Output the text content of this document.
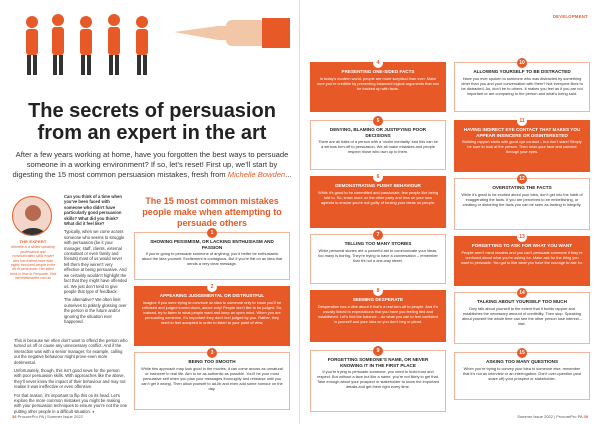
The secrets of persuasion from an expert in the art
After a few years working at home, have you forgotten the best ways to persuade someone in a working environment? If so, let’s reset! First up, we’ll start by digesting the 15 most common persuasion mistakes, fresh from Michelle Bowden...
THE EXPERT
Michelle is a skilled speaking professional and communication skills expert who has trained more than eighty thousand people in the art of persuasion. Her latest book is How to Persuade. Visit michellebowden.com.au

Can you think of a time when you’ve been faced with someone who didn’t have particularly good persuasion skills? What did you think? What did it feel like?

Typically, when we come across someone who seems to struggle with persuasion (be it your manager, staff, clients, external consultant or even family and friends) most of us would never tell them they weren’t very effective at being persuasive. And we certainly wouldn’t highlight the fact that they might have offended us. We just don’t tend to give people that type of feedback.

The alternative? We often limit ourselves to politely glossing over the person in the future and/or ignoring the situation ever happened.

This is because we often don’t want to offend the person who turned us off or cause any unnecessary conflict. And if the interaction was with a senior manager, for example, calling out the negative behaviour might prove even more detrimental.

Unfortunately, though, this isn’t good news for the person with poor persuasion skills. With approaches like the above, they’ll never know the impact of their behaviour and may not realise it was ineffective or even offensive.

For that reason, it’s important to flip this on its head. Let’s explore the more common mistakes you might be making with your persuasion techniques to ensure you’re not the one putting other people in a difficult situation. ●

The 15 most common mistakes people make when attempting to persuade others
1
SHOWING PESSIMISM, OR LACKING ENTHUSIASM AND PASSION

If you’re going to persuade someone of anything, you’d better be enthusiastic about the idea yourself. Excitement is contagious. But if you’re flat on an idea that sends a very clear message.

2
APPEARING JUDGEMENTAL OR DISTRUSTFUL

Imagine if you were trying to convince an idea to someone only to know you’ll be criticised and judged turned down, above only! People don’t like to be judged. So, instead, try to listen to what people want and keep an open mind. When you are persuading someone, it’s important they don’t feel judged by you. Rather, they need to feel accepted in order to listen to your point of view.

3
BEING TOO SMOOTH

While this approach may look good in the movies, it can come across as unnatural or insincere in real life. Aim to be as authentic as possible. You’ll be your most persuasive self when you plan your messages thoroughly and rehearse until you can’t get it wrong. Then allow yourself to ad-lib and even add some humour on the day.

38 ProcurePro PA | Summer Issue 2022
DEVELOPMENT
4
PRESENTING ONE-SIDED FACTS

In today’s modern world, people are more sceptical than ever. Make sure you’re credible by presenting balanced logical arguments that can be backed up with facts.

5
DENYING, BLAMING OR JUSTIFYING POOR DECISIONS

There are all traits of a person with a ‘victim mentality’ and this can be a serious turn-off to persuasion. We all make mistakes and people respect those who own up to them.

6
DEMONSTRATING PUSHY BEHAVIOUR

While it’s good to be committed and passionate, few people like being told to. So, know more on the other party and less on your own agenda to ensure you’re not guilty of forcing your ideas on people.

7
TELLING TOO MANY STORIES

While personal stories are a powerful aid to communicate your ideas, too many is boring. They’re trying to have a conversation – remember that it’s not a one-way street.

8
SEEMING DESPERATE

Desperation has a vibe about it that’s a real turn-off to people. And it’s usually linked to expectations that you have you feeling tied and established. Let’s find the balance – do what you can to feel confident in yourself and your idea so you don’t beg or plead.

9
FORGETTING SOMEONE’S NAME, OR NEVER KNOWING IT IN THE FIRST PLACE

If you’re trying to persuade someone, you need to build trust and respect. But without a face but like a name, you’re not likely to get that. Take enough about your prospect or stakeholder to know the important details and get them right every time.

10
ALLOWING YOURSELF TO BE DISTRACTED

Have you ever spoken to someone who was distracted by something other than you and your conversation with them? Not everyone likes to be distracted. As, don’t be to others. It makes you feel as if you are not important or are comparing to the person and what’s being said.

11
HAVING INDIRECT EYE CONTACT THAT MAKES YOU APPEAR INSINCERE OR DISINTERESTED

Building rapport starts with good eye contact – but don’t stare! Simply be sure to look at the person. Then relax your face and connect through your eyes.

12
OVERSTATING THE FACTS

While it’s great to be excited about your idea, don’t get into the habit of exaggerating the facts. If you are perceived to be embellishing, or creating or distorting the facts you can be seen as lacking in integrity.

13
FORGETTING TO ASK FOR WHAT YOU WANT

People aren’t mind readers and you can’t persuade someone if they’re confused about what you’re asking for. Make ask for the thing you want to persuade. You got to like what you have the courage to ask for.

14
TALKING ABOUT YOURSELF TOO MUCH

Only talk about yourself to the extent that it builds rapport and establishes the necessary amount of credibility. Then stop. Speaking about yourself the whole time can see the other person lose interest – fast.

15
ASKING TOO MANY QUESTIONS

When you’re trying to convey your idea to someone else, remember that it’s not an interview or an interrogation. Don’t over-question (and scare off) your prospect or stakeholder.

Summer Issue 2022 | ProcurePro PA 39
